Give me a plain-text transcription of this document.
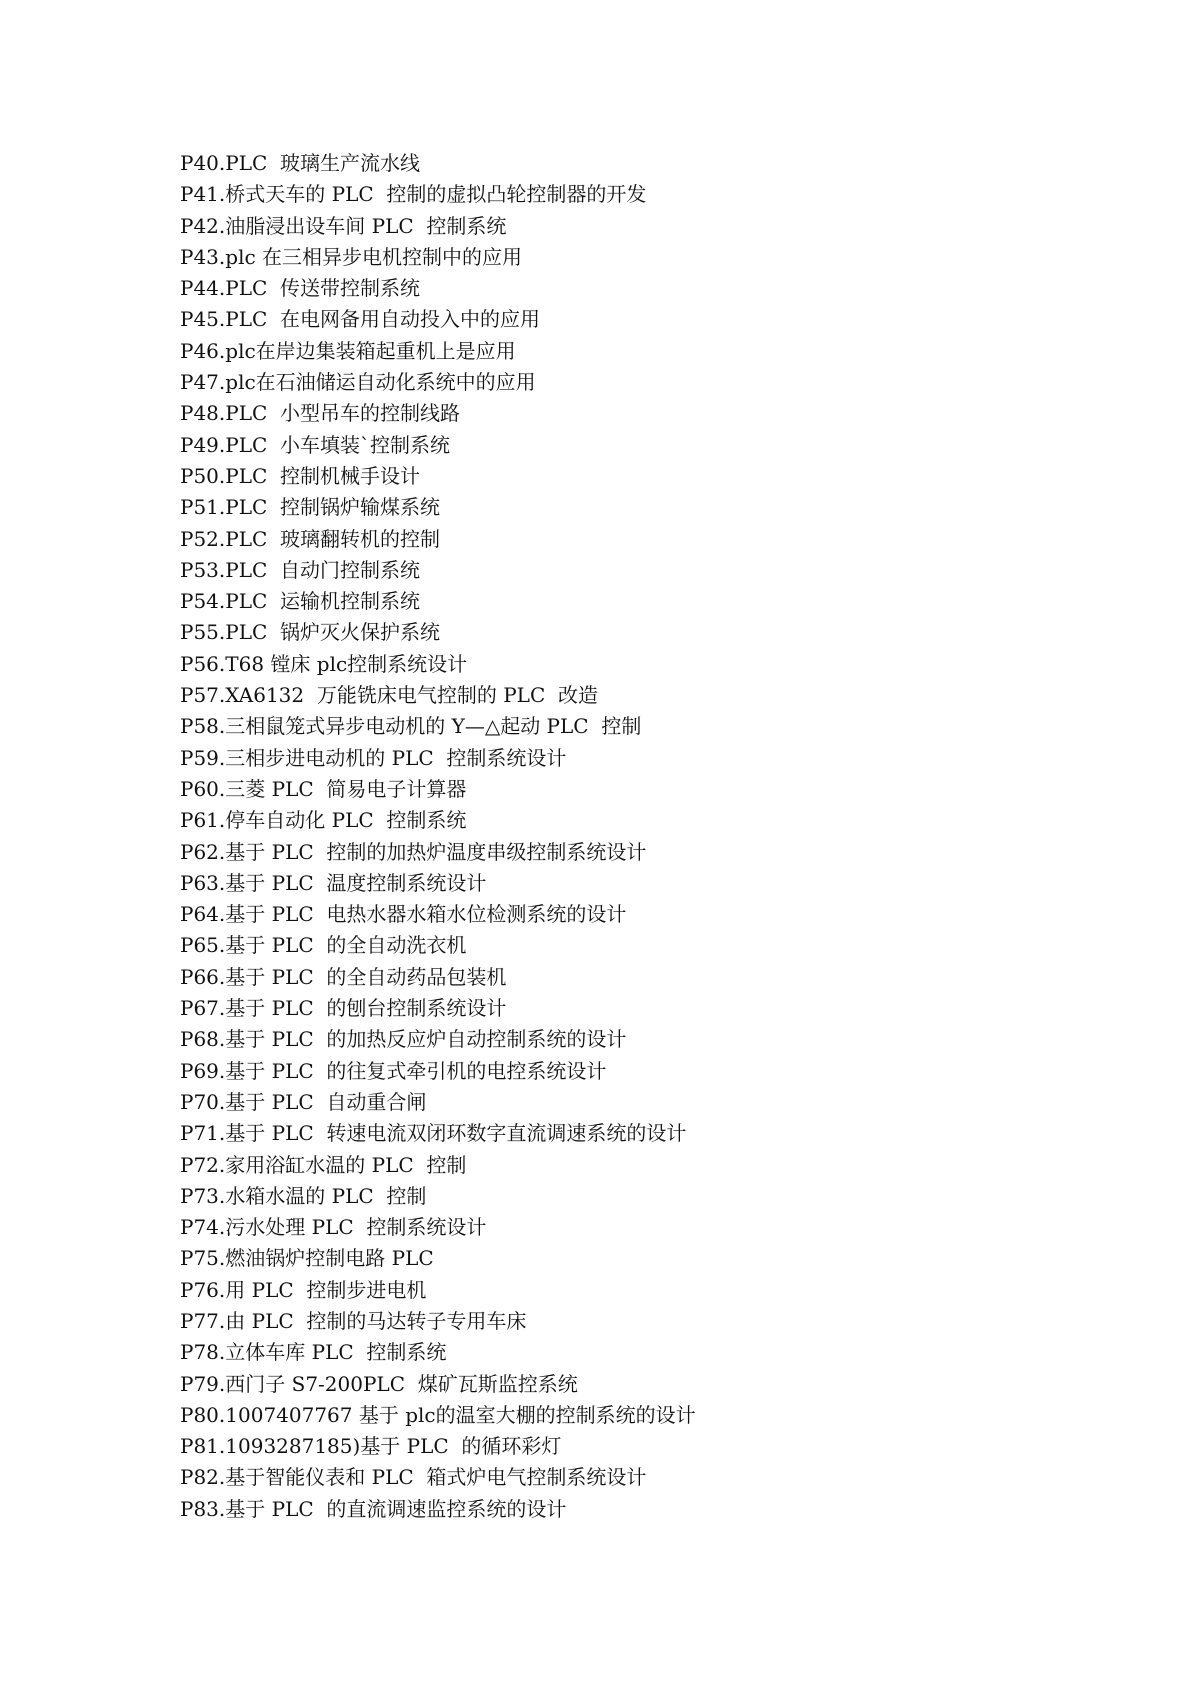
P40.PLC  玻璃生产流水线
P41.桥式天车的 PLC  控制的虚拟凸轮控制器的开发
P42.油脂浸出设车间 PLC  控制系统
P43.plc 在三相异步电机控制中的应用
P44.PLC  传送带控制系统
P45.PLC  在电网备用自动投入中的应用
P46.plc在岸边集装箱起重机上是应用
P47.plc在石油储运自动化系统中的应用
P48.PLC  小型吊车的控制线路
P49.PLC  小车填装`控制系统
P50.PLC  控制机械手设计
P51.PLC  控制锅炉输煤系统
P52.PLC  玻璃翻转机的控制
P53.PLC  自动门控制系统
P54.PLC  运输机控制系统
P55.PLC  锅炉灭火保护系统
P56.T68 镗床 plc控制系统设计
P57.XA6132  万能铣床电气控制的 PLC  改造
P58.三相鼠笼式异步电动机的 Y—△起动 PLC  控制
P59.三相步进电动机的 PLC  控制系统设计
P60.三菱 PLC  简易电子计算器
P61.停车自动化 PLC  控制系统
P62.基于 PLC  控制的加热炉温度串级控制系统设计
P63.基于 PLC  温度控制系统设计
P64.基于 PLC  电热水器水箱水位检测系统的设计
P65.基于 PLC  的全自动洗衣机
P66.基于 PLC  的全自动药品包装机
P67.基于 PLC  的刨台控制系统设计
P68.基于 PLC  的加热反应炉自动控制系统的设计
P69.基于 PLC  的往复式牵引机的电控系统设计
P70.基于 PLC  自动重合闸
P71.基于 PLC  转速电流双闭环数字直流调速系统的设计
P72.家用浴缸水温的 PLC  控制
P73.水箱水温的 PLC  控制
P74.污水处理 PLC  控制系统设计
P75.燃油锅炉控制电路 PLC
P76.用 PLC  控制步进电机
P77.由 PLC  控制的马达转子专用车床
P78.立体车库 PLC  控制系统
P79.西门子 S7-200PLC  煤矿瓦斯监控系统
P80.1007407767 基于 plc的温室大棚的控制系统的设计
P81.1093287185)基于 PLC  的循环彩灯
P82.基于智能仪表和 PLC  箱式炉电气控制系统设计
P83.基于 PLC  的直流调速监控系统的设计
